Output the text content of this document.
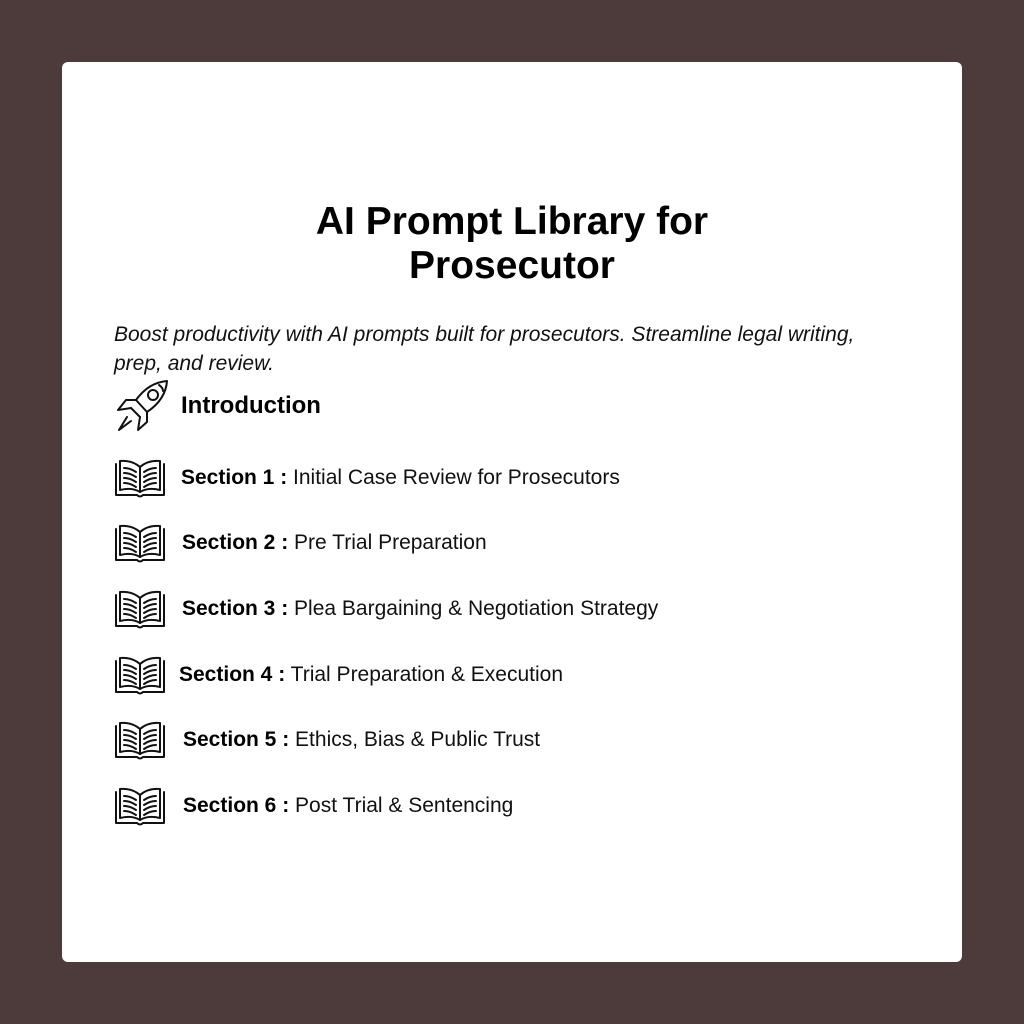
AI Prompt Library for
Prosecutor

Boost productivity with AI prompts built for prosecutors. Streamline legal writing, prep, and review.

Introduction
Section 1 : Initial Case Review for Prosecutors
Section 2 : Pre Trial Preparation
Section 3 : Plea Bargaining & Negotiation Strategy
Section 4 : Trial Preparation & Execution
Section 5 : Ethics, Bias & Public Trust
Section 6 : Post Trial & Sentencing
